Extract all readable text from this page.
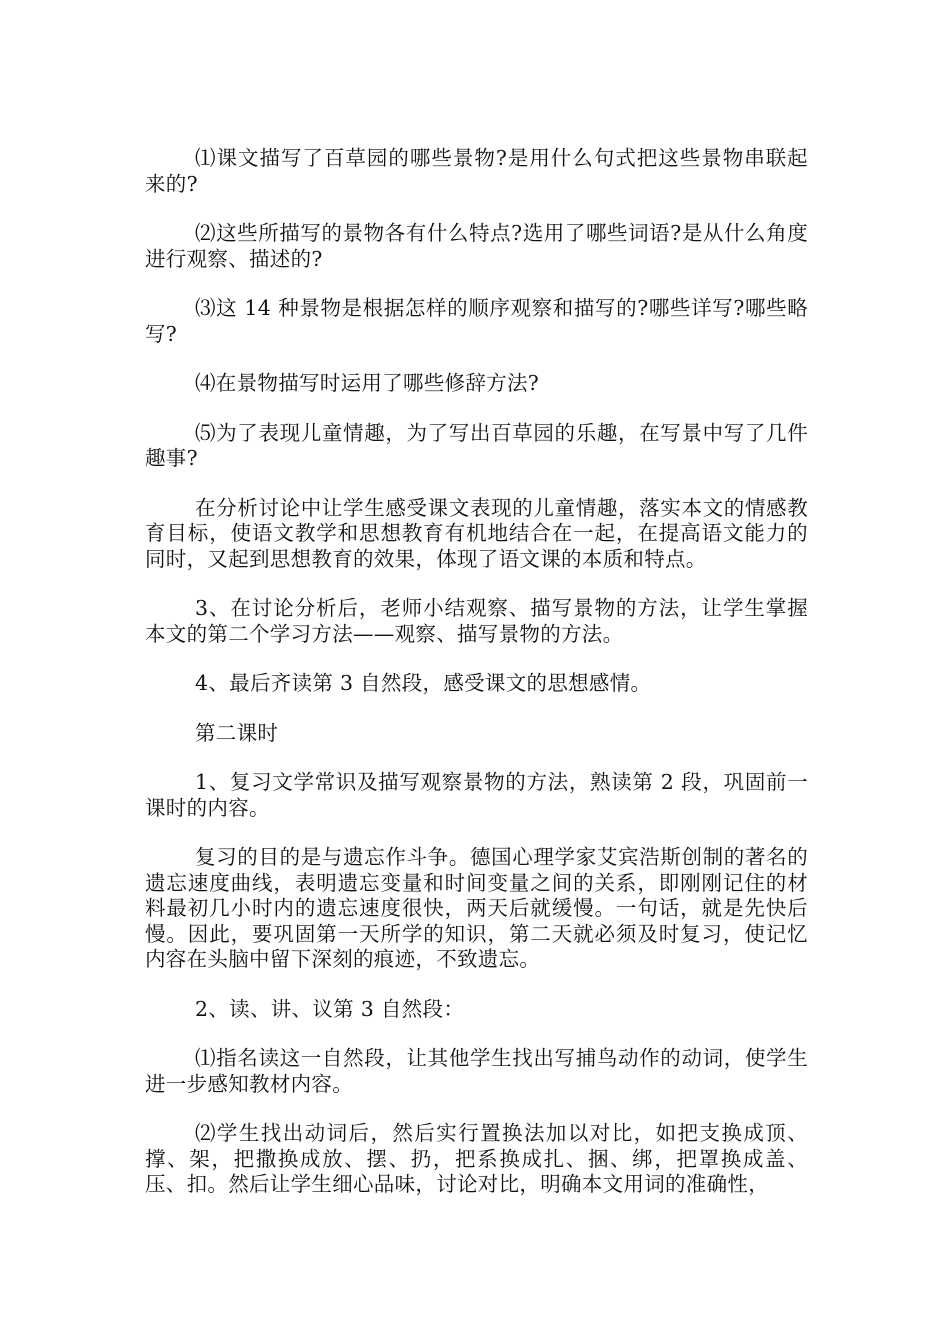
⑴课文描写了百草园的哪些景物?是用什么句式把这些景物串联起来的?

⑵这些所描写的景物各有什么特点?选用了哪些词语?是从什么角度进行观察、描述的?

⑶这 14 种景物是根据怎样的顺序观察和描写的?哪些详写?哪些略写?

⑷在景物描写时运用了哪些修辞方法?

⑸为了表现儿童情趣，为了写出百草园的乐趣，在写景中写了几件趣事?

在分析讨论中让学生感受课文表现的儿童情趣，落实本文的情感教育目标，使语文教学和思想教育有机地结合在一起，在提高语文能力的同时，又起到思想教育的效果，体现了语文课的本质和特点。

3、在讨论分析后，老师小结观察、描写景物的方法，让学生掌握本文的第二个学习方法——观察、描写景物的方法。

4、最后齐读第 3 自然段，感受课文的思想感情。

第二课时

1、复习文学常识及描写观察景物的方法，熟读第 2 段，巩固前一课时的内容。

复习的目的是与遗忘作斗争。德国心理学家艾宾浩斯创制的著名的遗忘速度曲线，表明遗忘变量和时间变量之间的关系，即刚刚记住的材料最初几小时内的遗忘速度很快，两天后就缓慢。一句话，就是先快后慢。因此，要巩固第一天所学的知识，第二天就必须及时复习，使记忆内容在头脑中留下深刻的痕迹，不致遗忘。

2、读、讲、议第 3 自然段：

⑴指名读这一自然段，让其他学生找出写捕鸟动作的动词，使学生进一步感知教材内容。

⑵学生找出动词后，然后实行置换法加以对比，如把支换成顶、撑、架，把撒换成放、摆、扔，把系换成扎、捆、绑，把罩换成盖、压、扣。然后让学生细心品味，讨论对比，明确本文用词的准确性，
